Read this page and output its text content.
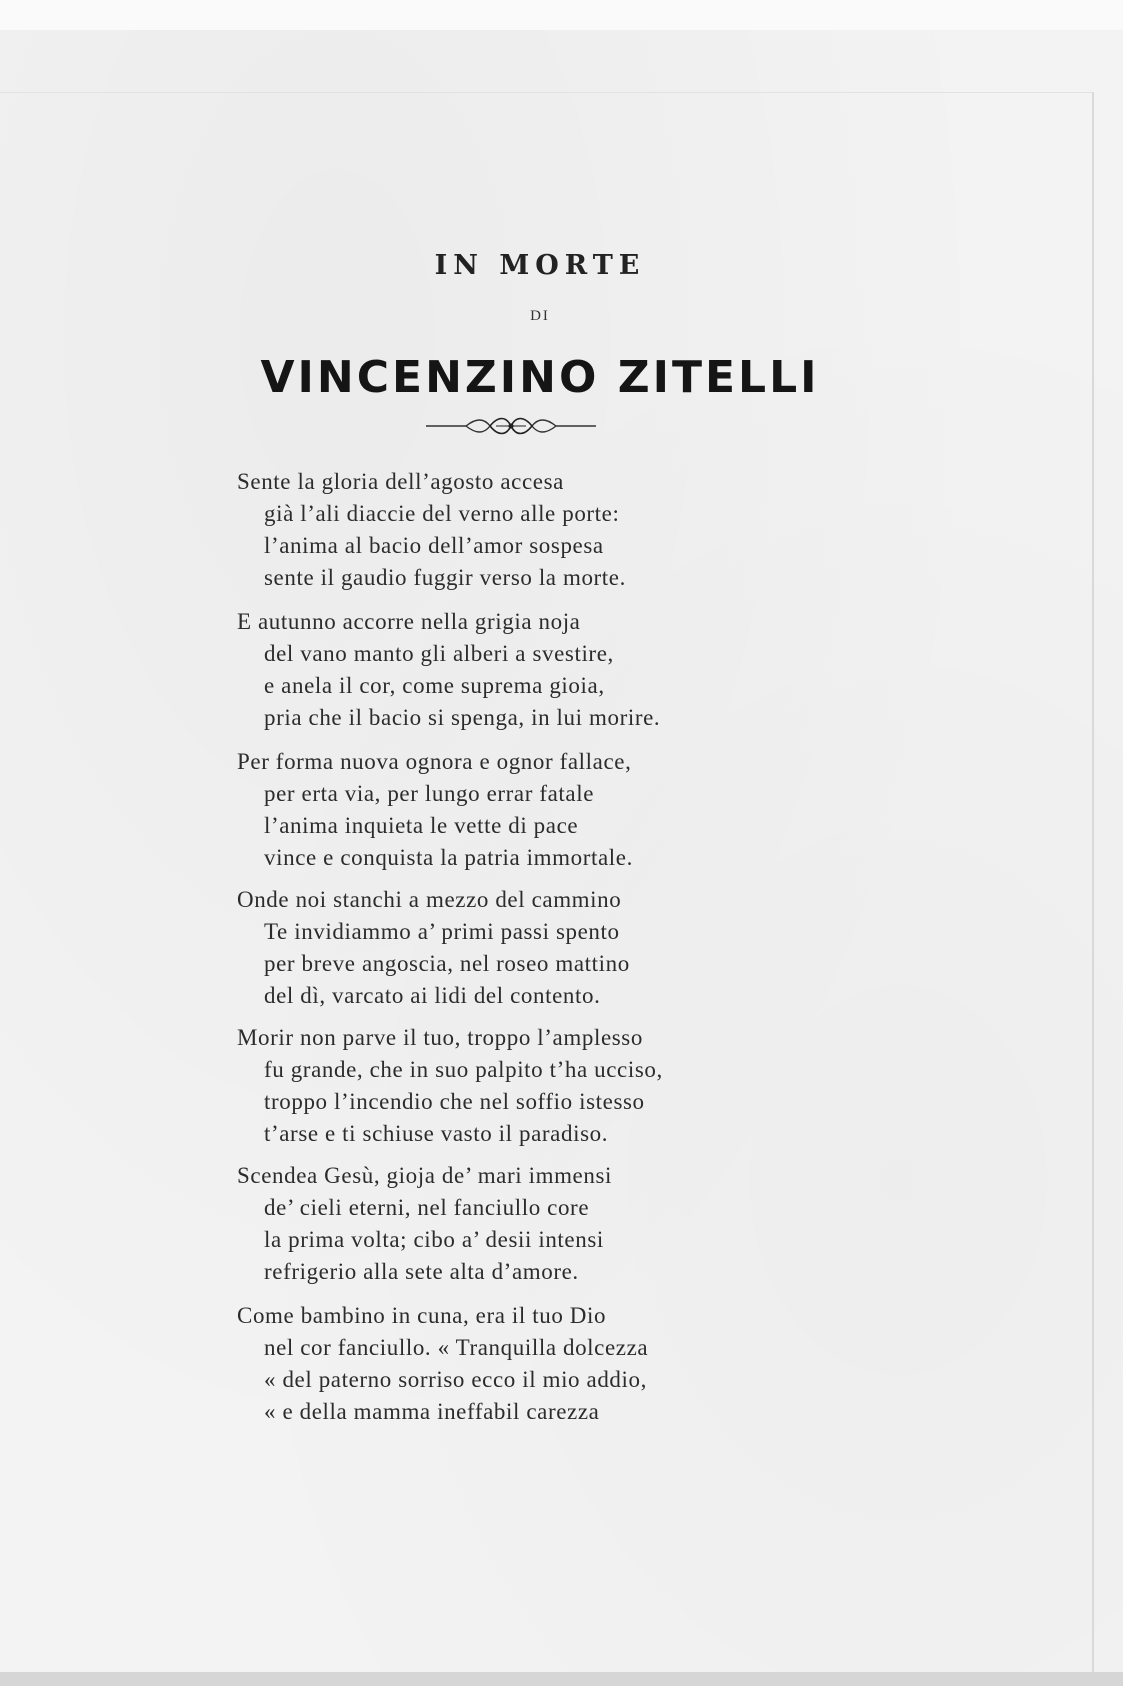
IN MORTE
DI
VINCENZINO ZITELLI
Sente la gloria dell’agosto accesa
già l’ali diaccie del verno alle porte:
l’anima al bacio dell’amor sospesa
sente il gaudio fuggir verso la morte.
E autunno accorre nella grigia noja
del vano manto gli alberi a svestire,
e anela il cor, come suprema gioia,
pria che il bacio si spenga, in lui morire.
Per forma nuova ognora e ognor fallace,
per erta via, per lungo errar fatale
l’anima inquieta le vette di pace
vince e conquista la patria immortale.
Onde noi stanchi a mezzo del cammino
Te invidiammo a’ primi passi spento
per breve angoscia, nel roseo mattino
del dì, varcato ai lidi del contento.
Morir non parve il tuo, troppo l’amplesso
fu grande, che in suo palpito t’ha ucciso,
troppo l’incendio che nel soffio istesso
t’arse e ti schiuse vasto il paradiso.
Scendea Gesù, gioja de’ mari immensi
de’ cieli eterni, nel fanciullo core
la prima volta; cibo a’ desii intensi
refrigerio alla sete alta d’amore.
Come bambino in cuna, era il tuo Dio
nel cor fanciullo. « Tranquilla dolcezza
« del paterno sorriso ecco il mio addio,
« e della mamma ineffabil carezza
